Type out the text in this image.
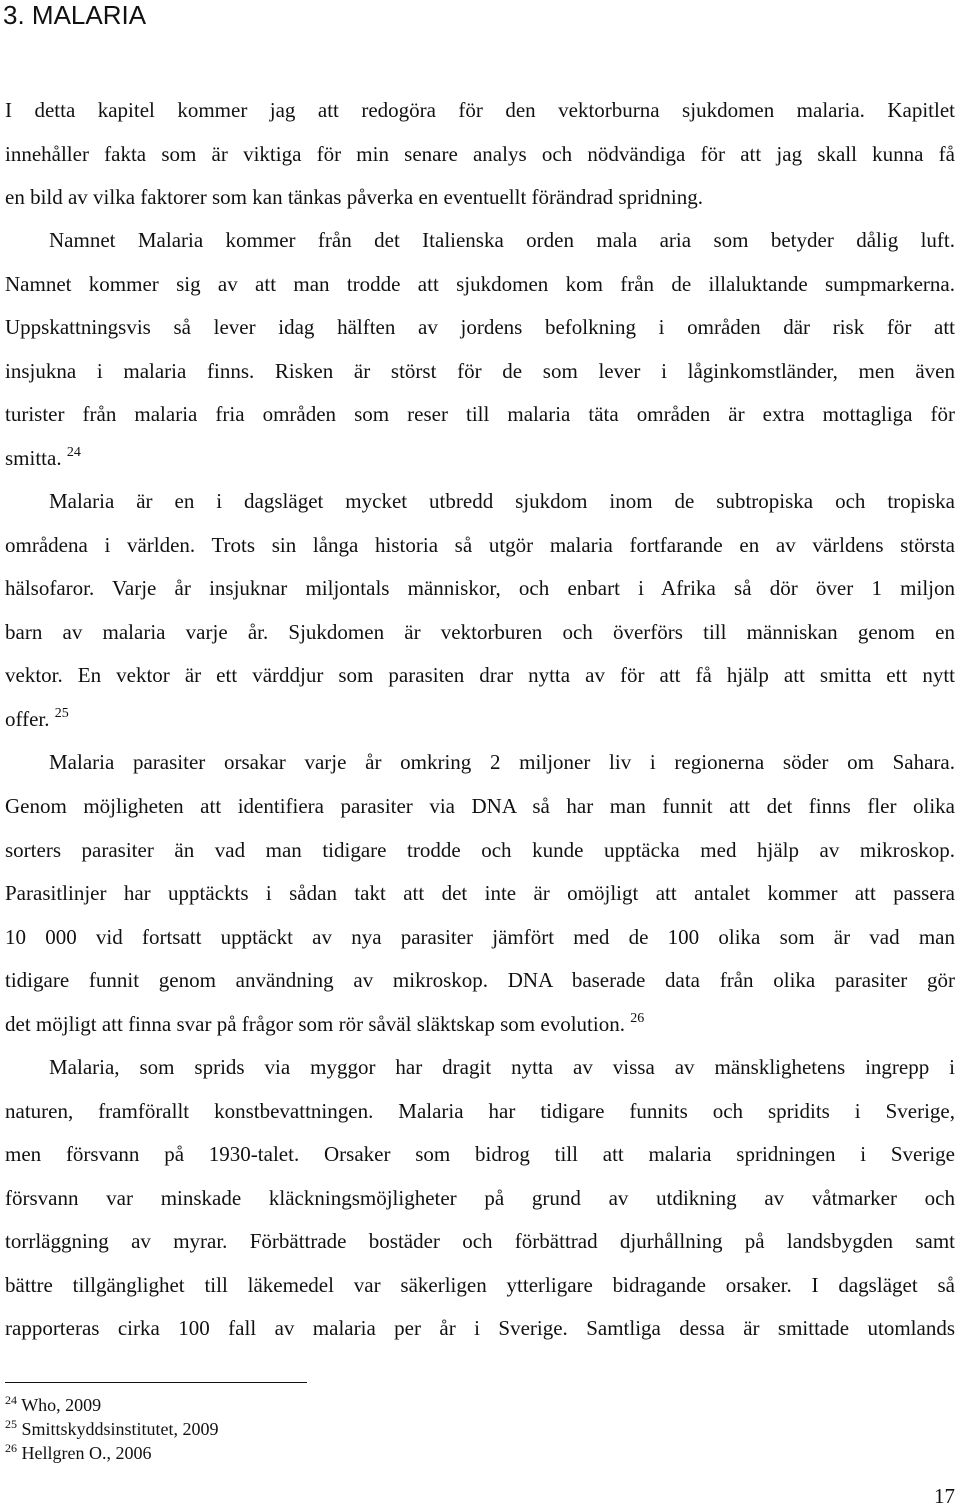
3. MALARIA

I detta kapitel kommer jag att redogöra för den vektorburna sjukdomen malaria. Kapitlet

innehåller fakta som är viktiga för min senare analys och nödvändiga för att jag skall kunna få

en bild av vilka faktorer som kan tänkas påverka en eventuellt förändrad spridning.

Namnet Malaria kommer från det Italienska orden mala aria som betyder dålig luft.

Namnet kommer sig av att man trodde att sjukdomen kom från de illaluktande sumpmarkerna.

Uppskattningsvis så lever idag hälften av jordens befolkning i områden där risk för att

insjukna i malaria finns. Risken är störst för de som lever i låginkomstländer, men även

turister från malaria fria områden som reser till malaria täta områden är extra mottagliga för

smitta. $^{24}$

Malaria är en i dagsläget mycket utbredd sjukdom inom de subtropiska och tropiska

områdena i världen. Trots sin långa historia så utgör malaria fortfarande en av världens största

hälsofaror. Varje år insjuknar miljontals människor, och enbart i Afrika så dör över 1 miljon

barn av malaria varje år. Sjukdomen är vektorburen och överförs till människan genom en

vektor. En vektor är ett värddjur som parasiten drar nytta av för att få hjälp att smitta ett nytt

offer. $^{25}$

Malaria parasiter orsakar varje år omkring 2 miljoner liv i regionerna söder om Sahara.

Genom möjligheten att identifiera parasiter via DNA så har man funnit att det finns fler olika

sorters parasiter än vad man tidigare trodde och kunde upptäcka med hjälp av mikroskop.

Parasitlinjer har upptäckts i sådan takt att det inte är omöjligt att antalet kommer att passera

10 000 vid fortsatt upptäckt av nya parasiter jämfört med de 100 olika som är vad man

tidigare funnit genom användning av mikroskop. DNA baserade data från olika parasiter gör

det möjligt att finna svar på frågor som rör såväl släktskap som evolution. $^{26}$

Malaria, som sprids via myggor har dragit nytta av vissa av mänsklighetens ingrepp i

naturen, framförallt konstbevattningen. Malaria har tidigare funnits och spridits i Sverige,

men försvann på 1930-talet. Orsaker som bidrog till att malaria spridningen i Sverige

försvann var minskade kläckningsmöjligheter på grund av utdikning av våtmarker och

torrläggning av myrar. Förbättrade bostäder och förbättrad djurhållning på landsbygden samt

bättre tillgänglighet till läkemedel var säkerligen ytterligare bidragande orsaker. I dagsläget så

rapporteras cirka 100 fall av malaria per år i Sverige. Samtliga dessa är smittade utomlands

$^{24}$ Who, 2009

$^{25}$ Smittskyddsinstitutet, 2009

$^{26}$ Hellgren O., 2006

17
